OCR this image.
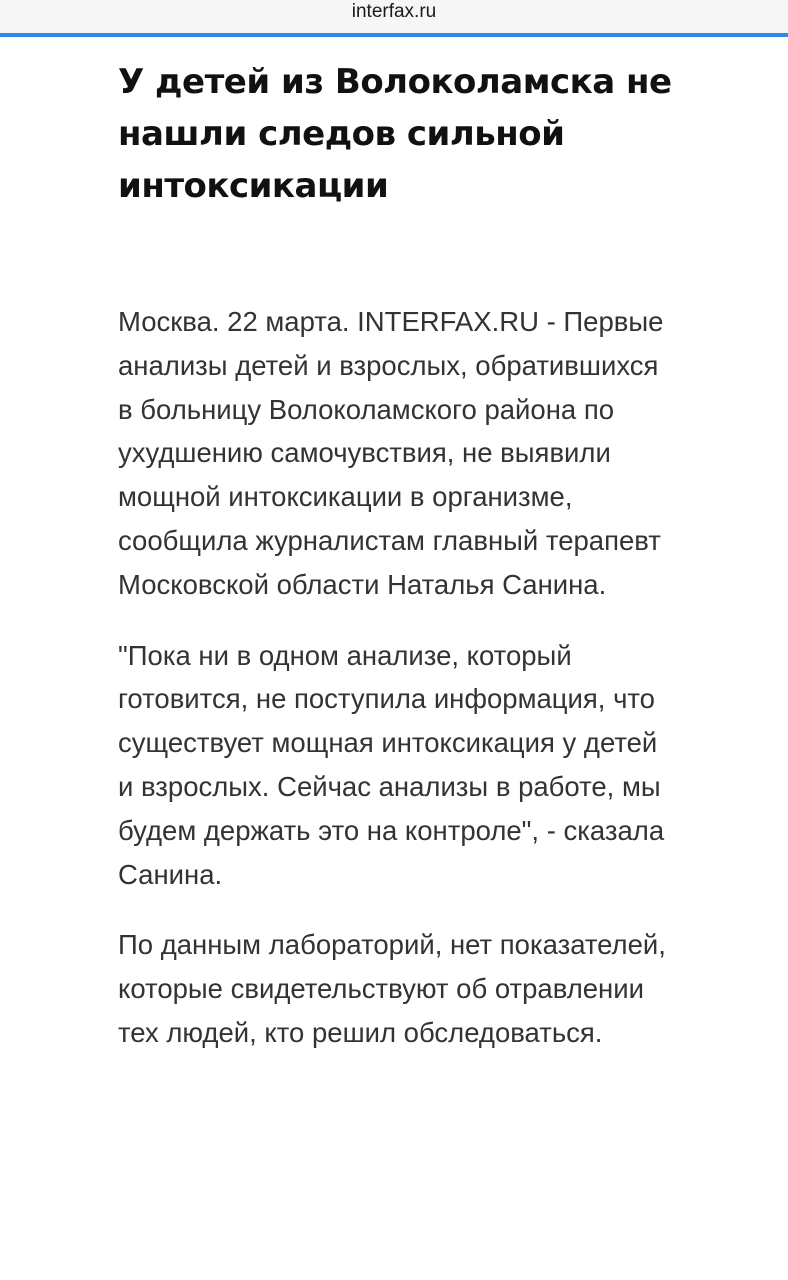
interfax.ru
У детей из Волоколамска не нашли следов сильной интоксикации

Москва. 22 марта. INTERFAX.RU - Первые анализы детей и взрослых, обратившихся в больницу Волоколамского района по ухудшению самочувствия, не выявили мощной интоксикации в организме, сообщила журналистам главный терапевт Московской области Наталья Санина.

"Пока ни в одном анализе, который готовится, не поступила информация, что существует мощная интоксикация у детей и взрослых. Сейчас анализы в работе, мы будем держать это на контроле", - сказала Санина.

По данным лабораторий, нет показателей, которые свидетельствуют об отравлении тех людей, кто решил обследоваться.
